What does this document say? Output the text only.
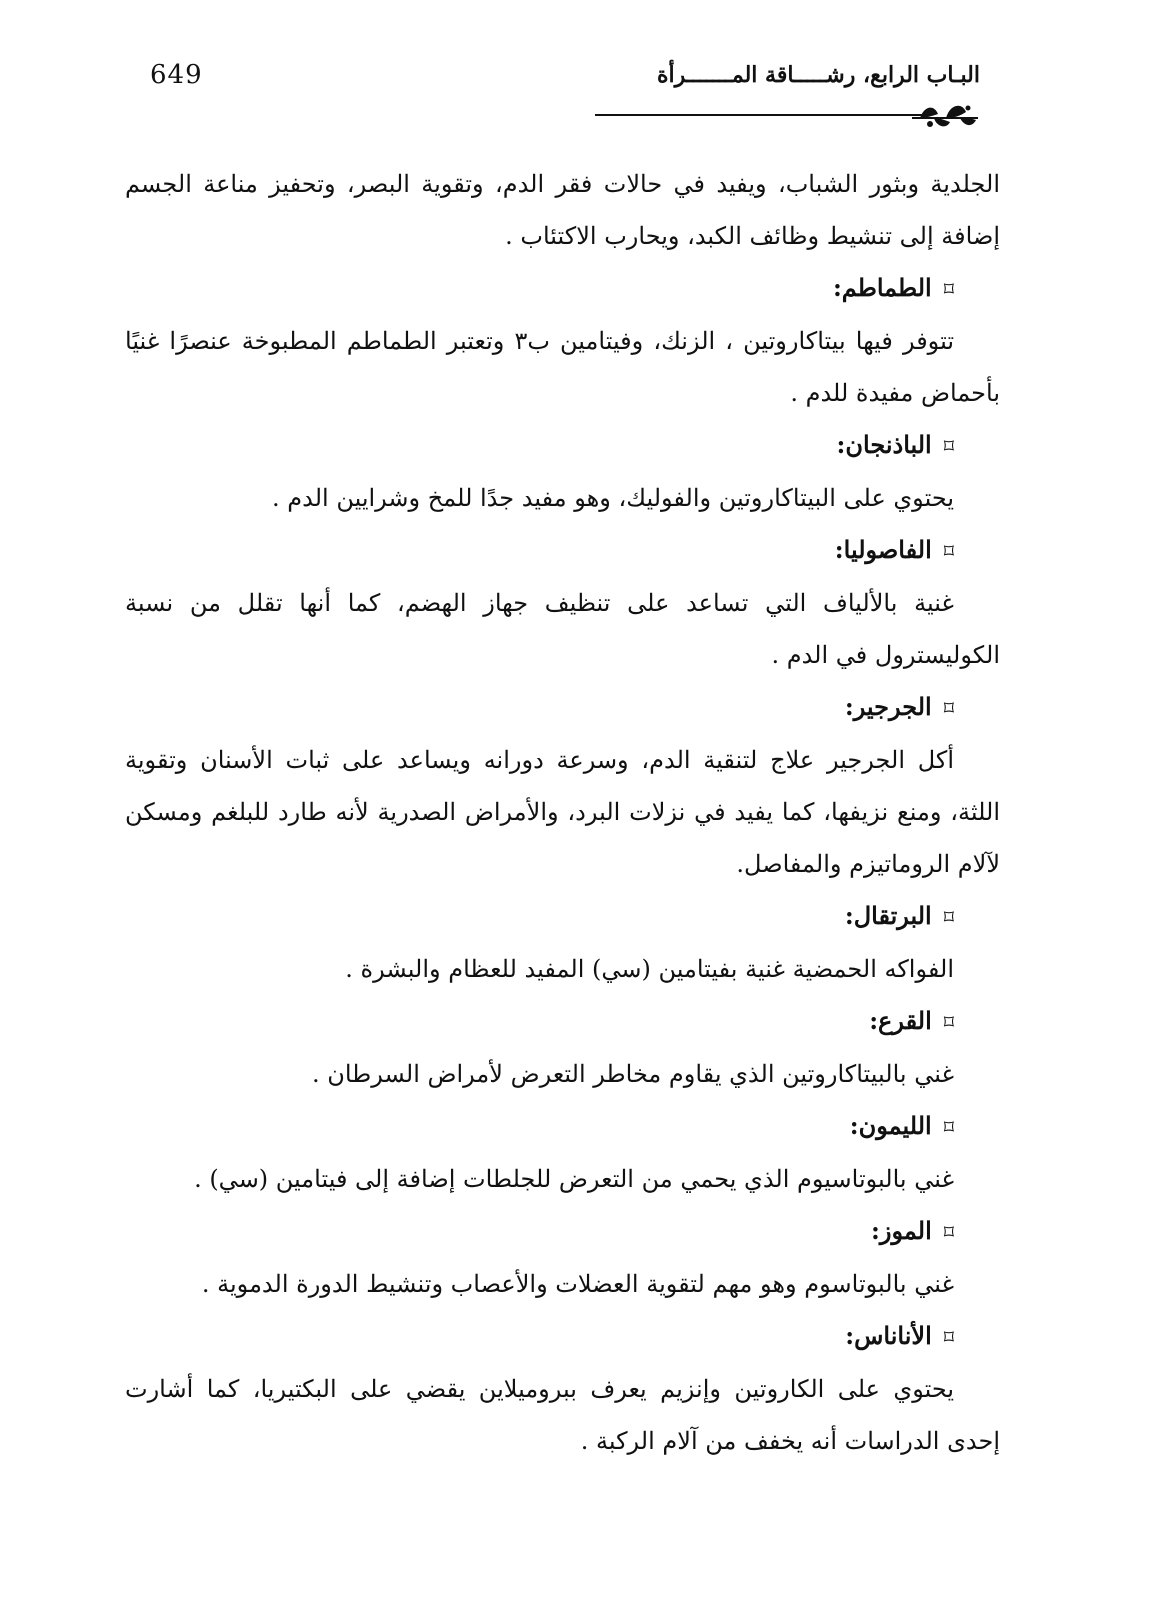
649	البـاب الرابع، رشـــــاقة المـــــــرأة

الجلدية وبثور الشباب، ويفيد في حالات فقر الدم، وتقوية البصر، وتحفيز مناعة الجسم إضافة إلى تنشيط وظائف الكبد، ويحارب الاكتئاب .

⌑الطماطم:

تتوفر فيها بيتاكاروتين ، الزنك، وفيتامين ب٣ وتعتبر الطماطم المطبوخة عنصرًا غنيًا بأحماض مفيدة للدم .

⌑الباذنجان:

يحتوي على البيتاكاروتين والفوليك، وهو مفيد جدًا للمخ وشرايين الدم .

⌑الفاصوليا:

غنية بالألياف التي تساعد على تنظيف جهاز الهضم، كما أنها تقلل من نسبة الكوليسترول في الدم .

⌑الجرجير:

أكل الجرجير علاج لتنقية الدم، وسرعة دورانه ويساعد على ثبات الأسنان وتقوية اللثة، ومنع نزيفها، كما يفيد في نزلات البرد، والأمراض الصدرية لأنه طارد للبلغم ومسكن لآلام الروماتيزم والمفاصل.

⌑البرتقال:

الفواكه الحمضية غنية بفيتامين (سي) المفيد للعظام والبشرة .

⌑القرع:

غني بالبيتاكاروتين الذي يقاوم مخاطر التعرض لأمراض السرطان .

⌑الليمون:

غني بالبوتاسيوم الذي يحمي من التعرض للجلطات إضافة إلى فيتامين (سي) .

⌑الموز:

غني بالبوتاسوم وهو مهم لتقوية العضلات والأعصاب وتنشيط الدورة الدموية .

⌑الأناناس:

يحتوي على الكاروتين وإنزيم يعرف ببروميلاين يقضي على البكتيريا، كما أشارت إحدى الدراسات أنه يخفف من آلام الركبة .
